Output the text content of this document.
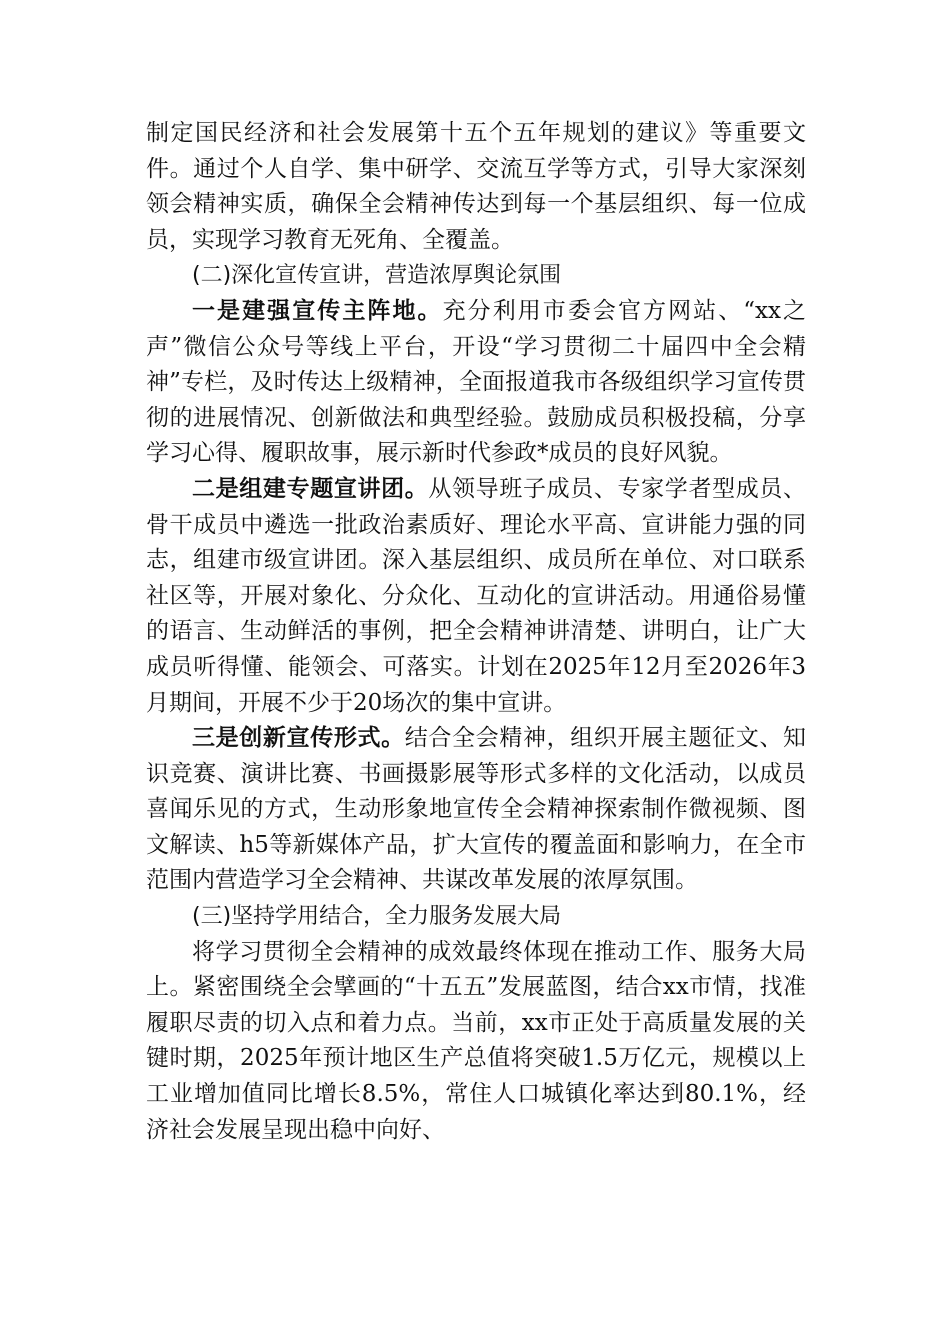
制定国民经济和社会发展第十五个五年规划的建议》等重要文件。通过个人自学、集中研学、交流互学等方式，引导大家深刻领会精神实质，确保全会精神传达到每一个基层组织、每一位成员，实现学习教育无死角、全覆盖。

(二)深化宣传宣讲，营造浓厚舆论氛围

一是建强宣传主阵地。充分利用市委会官方网站、“xx之声”微信公众号等线上平台，开设“学习贯彻二十届四中全会精神”专栏，及时传达上级精神，全面报道我市各级组织学习宣传贯彻的进展情况、创新做法和典型经验。鼓励成员积极投稿，分享学习心得、履职故事，展示新时代参政*成员的良好风貌。

二是组建专题宣讲团。从领导班子成员、专家学者型成员、骨干成员中遴选一批政治素质好、理论水平高、宣讲能力强的同志，组建市级宣讲团。深入基层组织、成员所在单位、对口联系社区等，开展对象化、分众化、互动化的宣讲活动。用通俗易懂的语言、生动鲜活的事例，把全会精神讲清楚、讲明白，让广大成员听得懂、能领会、可落实。计划在2025年12月至2026年3月期间，开展不少于20场次的集中宣讲。

三是创新宣传形式。结合全会精神，组织开展主题征文、知识竞赛、演讲比赛、书画摄影展等形式多样的文化活动，以成员喜闻乐见的方式，生动形象地宣传全会精神探索制作微视频、图文解读、h5等新媒体产品，扩大宣传的覆盖面和影响力，在全市范围内营造学习全会精神、共谋改革发展的浓厚氛围。

(三)坚持学用结合，全力服务发展大局

将学习贯彻全会精神的成效最终体现在推动工作、服务大局上。紧密围绕全会擘画的“十五五”发展蓝图，结合xx市情，找准履职尽责的切入点和着力点。当前，xx市正处于高质量发展的关键时期，2025年预计地区生产总值将突破1.5万亿元，规模以上工业增加值同比增长8.5%，常住人口城镇化率达到80.1%，经济社会发展呈现出稳中向好、
